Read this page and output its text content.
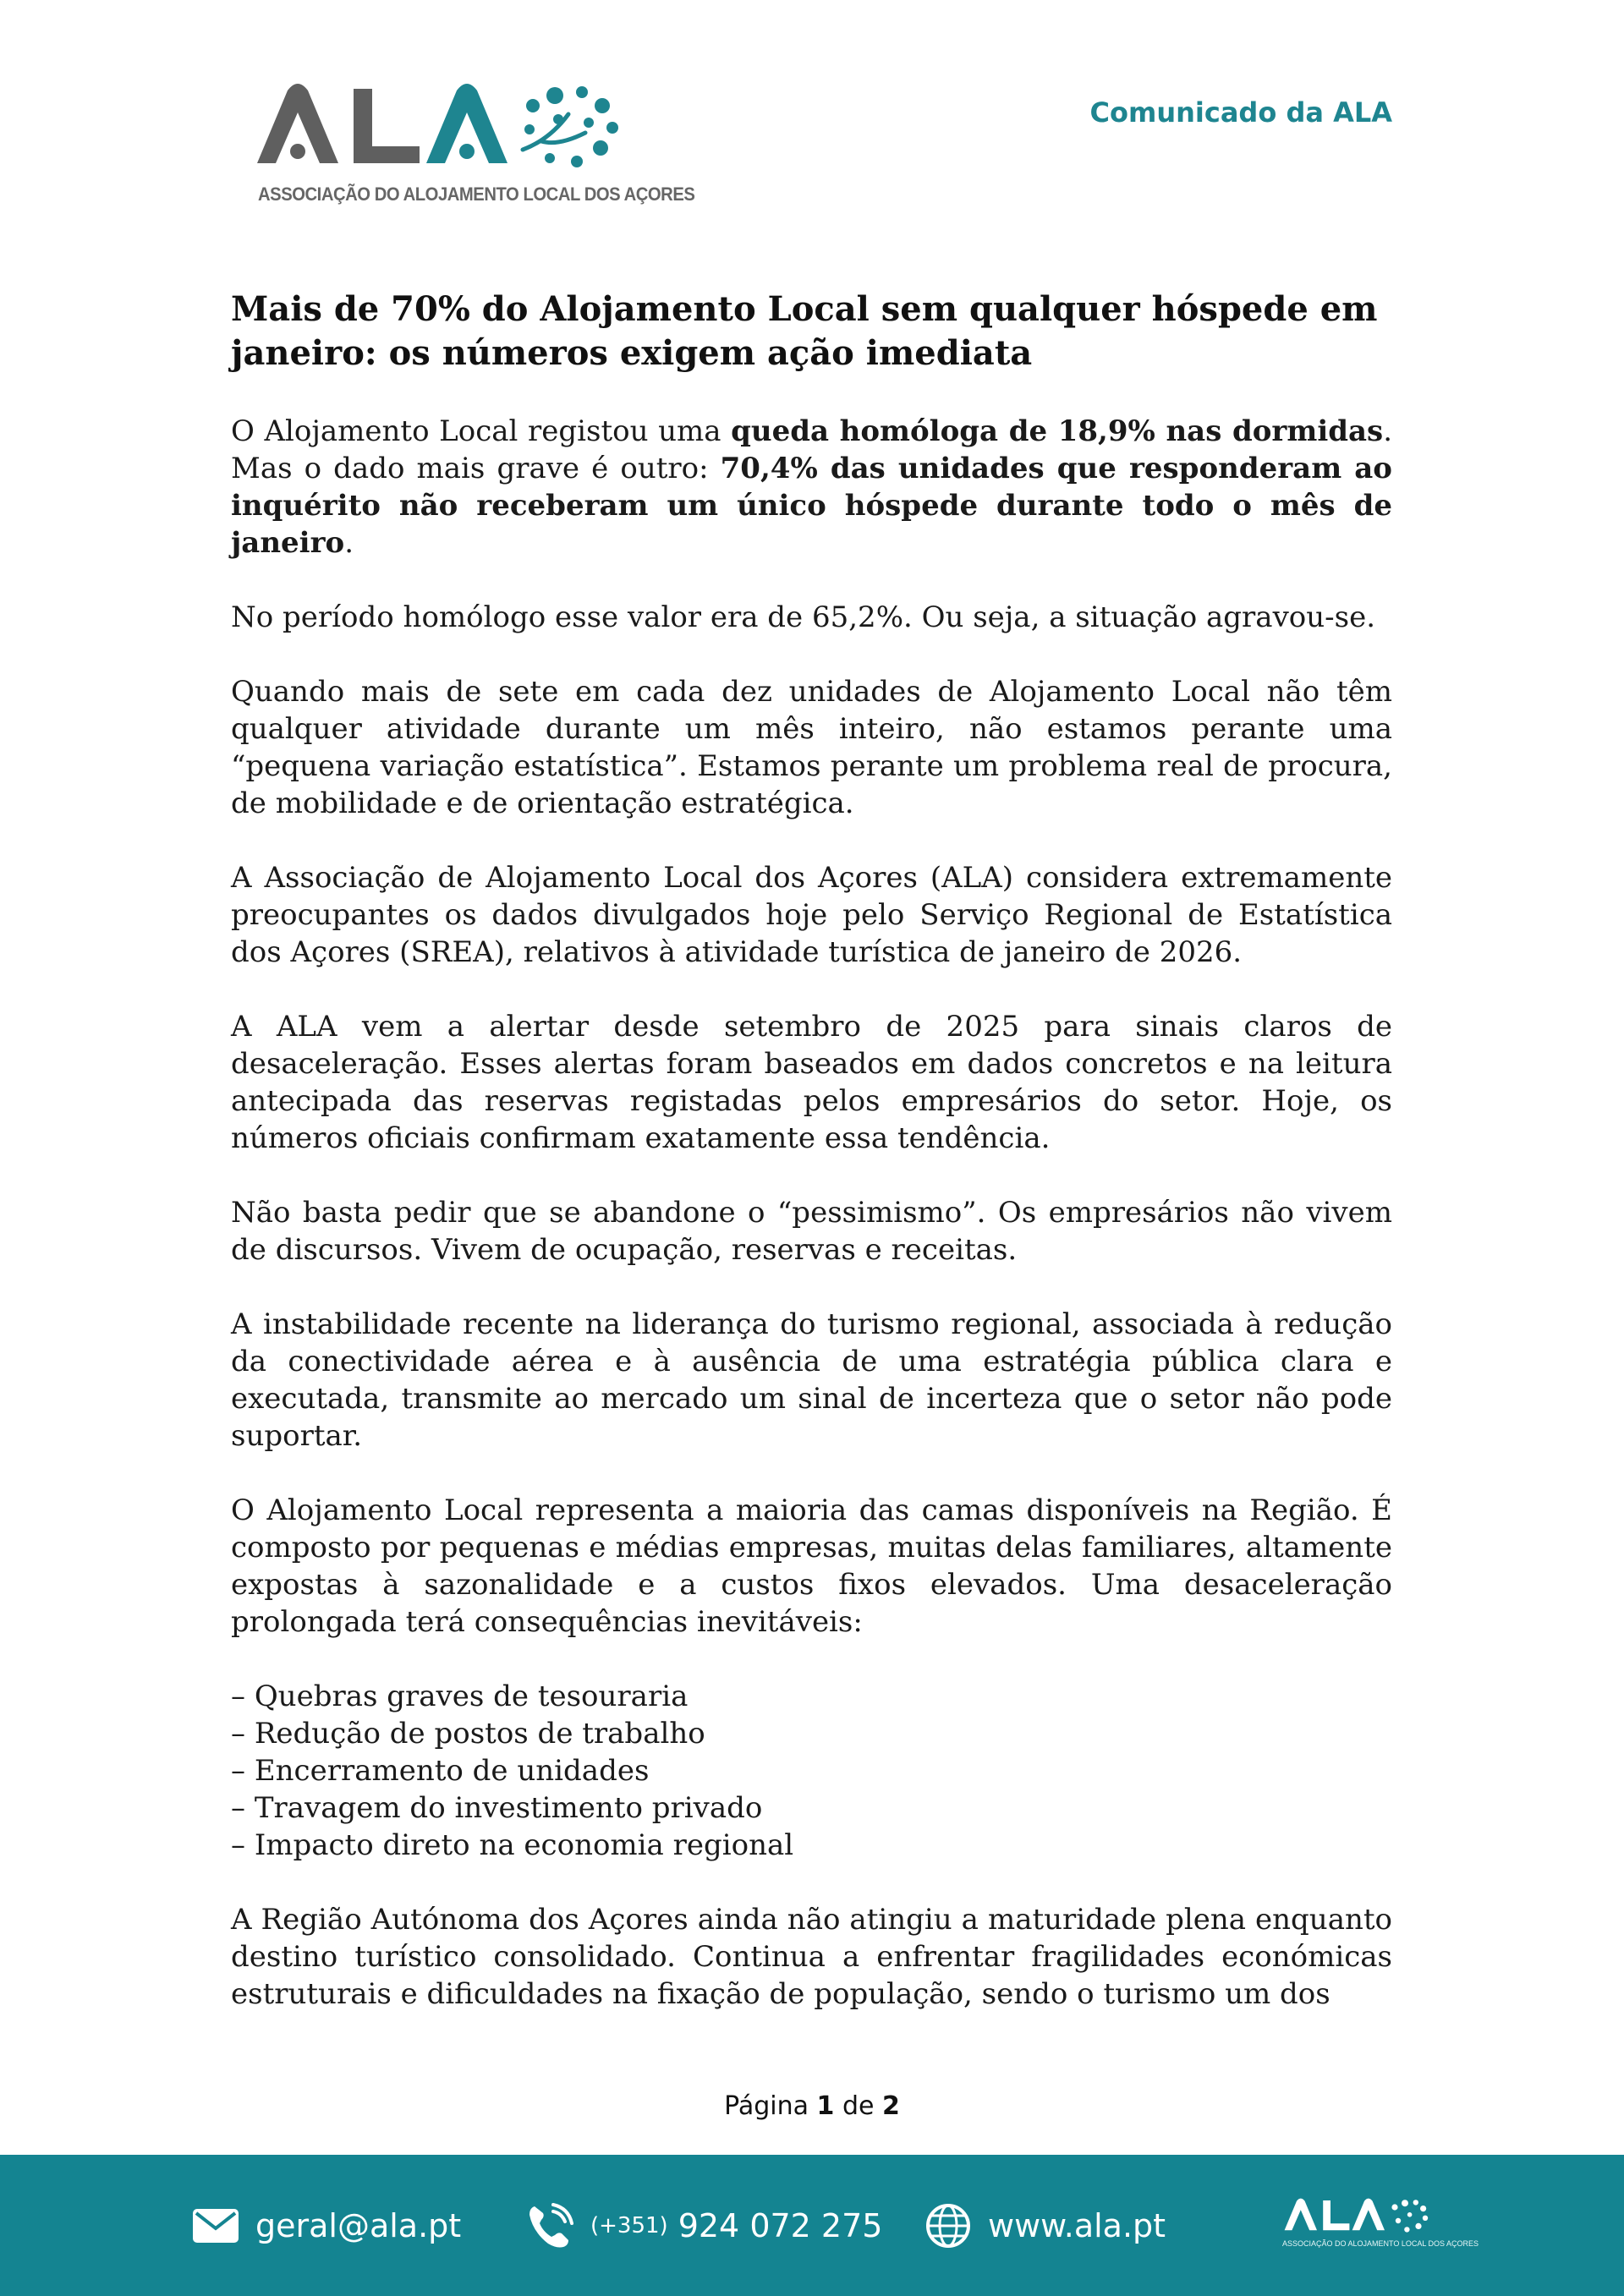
ASSOCIAÇÃO DO ALOJAMENTO LOCAL DOS AÇORES
Comunicado da ALA
Mais de 70% do Alojamento Local sem qualquer hóspede em janeiro: os números exigem ação imediata

O Alojamento Local registou uma queda homóloga de 18,9% nas dormidas. Mas o dado mais grave é outro: 70,4% das unidades que responderam ao inquérito não receberam um único hóspede durante todo o mês de janeiro.

No período homólogo esse valor era de 65,2%. Ou seja, a situação agravou-se.

Quando mais de sete em cada dez unidades de Alojamento Local não têm qualquer atividade durante um mês inteiro, não estamos perante uma “pequena variação estatística”. Estamos perante um problema real de procura, de mobilidade e de orientação estratégica.

A Associação de Alojamento Local dos Açores (ALA) considera extremamente preocupantes os dados divulgados hoje pelo Serviço Regional de Estatística dos Açores (SREA), relativos à atividade turística de janeiro de 2026.

A ALA vem a alertar desde setembro de 2025 para sinais claros de desaceleração. Esses alertas foram baseados em dados concretos e na leitura antecipada das reservas registadas pelos empresários do setor. Hoje, os números oficiais confirmam exatamente essa tendência.

Não basta pedir que se abandone o “pessimismo”. Os empresários não vivem de discursos. Vivem de ocupação, reservas e receitas.

A instabilidade recente na liderança do turismo regional, associada à redução da conectividade aérea e à ausência de uma estratégia pública clara e executada, transmite ao mercado um sinal de incerteza que o setor não pode suportar.

O Alojamento Local representa a maioria das camas disponíveis na Região. É composto por pequenas e médias empresas, muitas delas familiares, altamente expostas à sazonalidade e a custos fixos elevados. Uma desaceleração prolongada terá consequências inevitáveis:

– Quebras graves de tesouraria
– Redução de postos de trabalho
– Encerramento de unidades
– Travagem do investimento privado
– Impacto direto na economia regional

A Região Autónoma dos Açores ainda não atingiu a maturidade plena enquanto destino turístico consolidado. Continua a enfrentar fragilidades económicas estruturais e dificuldades na fixação de população, sendo o turismo um dos

Página 1 de 2
geral@ala.pt	(+351) 924 072 275	www.ala.pt	ASSOCIAÇÃO DO ALOJAMENTO LOCAL DOS AÇORES
